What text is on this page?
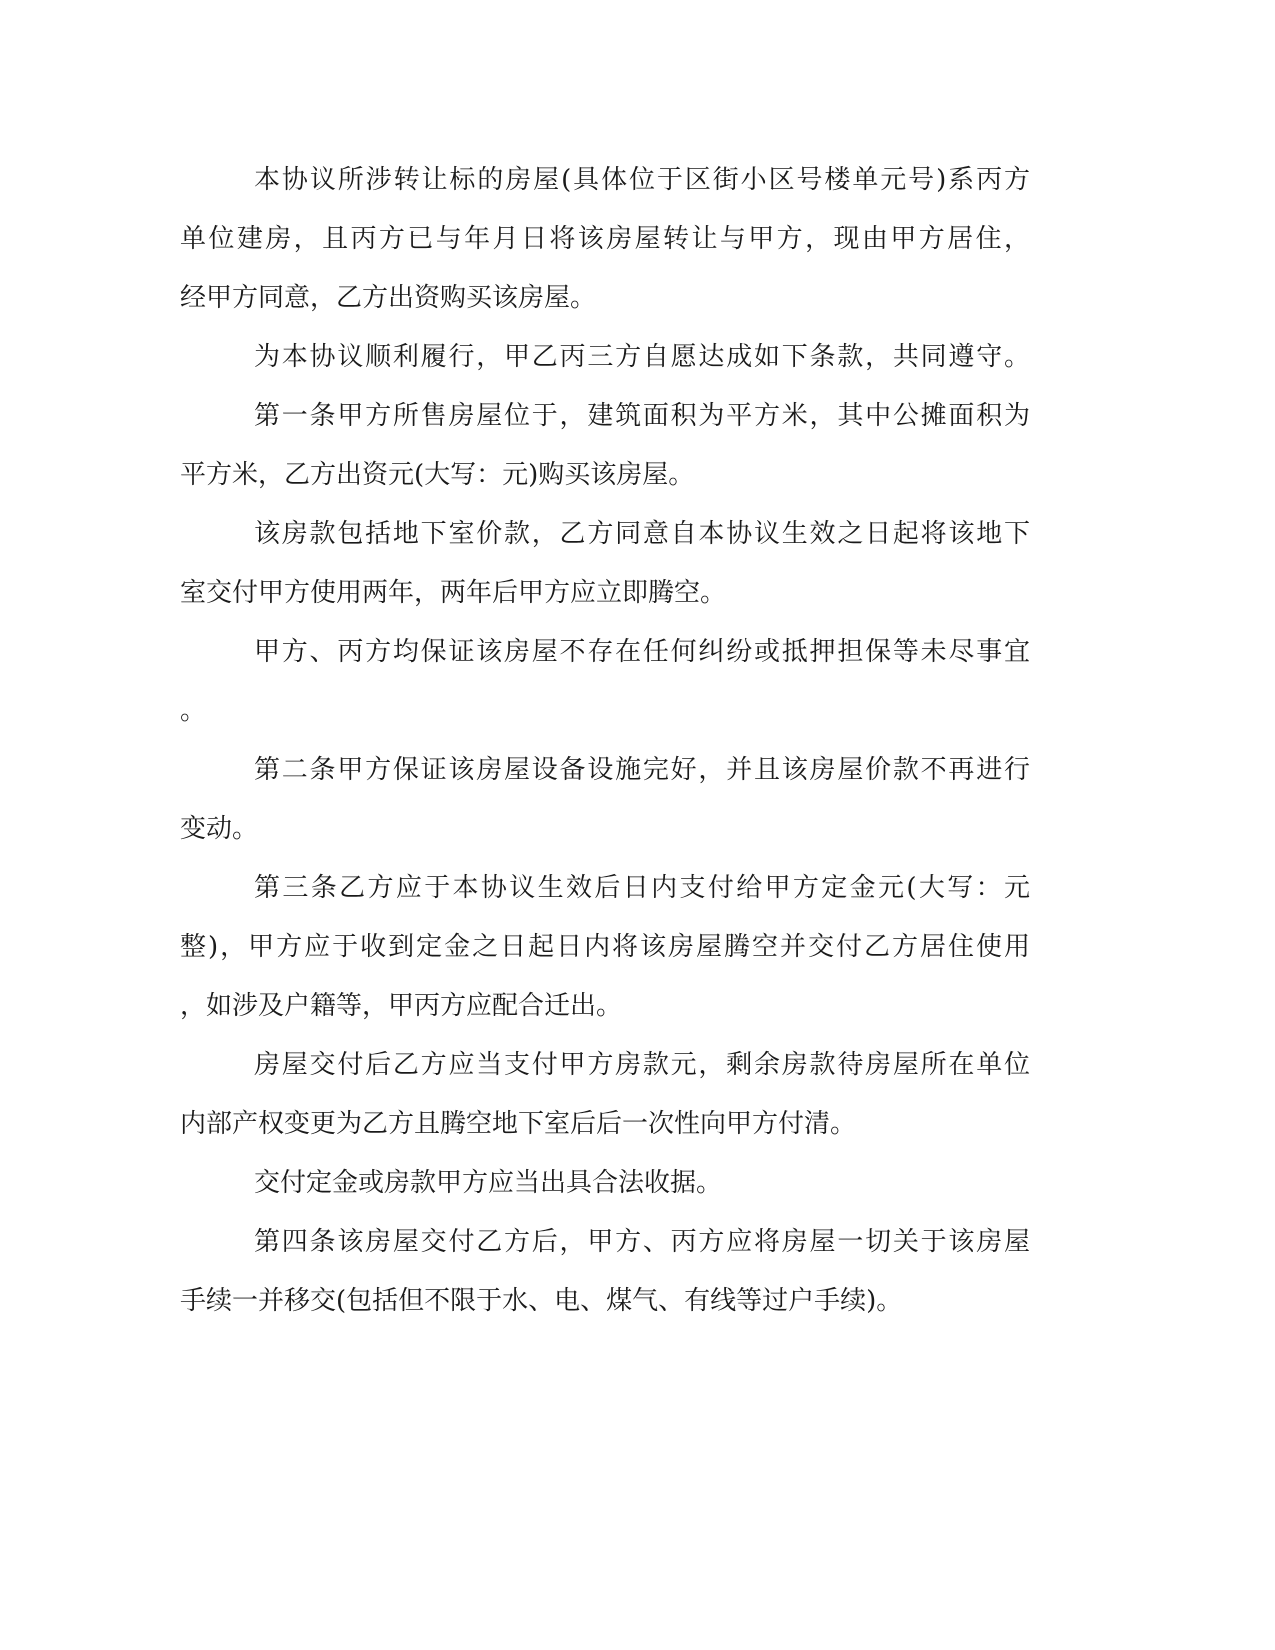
本协议所涉转让标的房屋(具体位于区街小区号楼单元号)系丙方
单位建房，且丙方已与年月日将该房屋转让与甲方，现由甲方居住，
经甲方同意，乙方出资购买该房屋。
为本协议顺利履行，甲乙丙三方自愿达成如下条款，共同遵守。
第一条甲方所售房屋位于，建筑面积为平方米，其中公摊面积为
平方米，乙方出资元(大写：元)购买该房屋。
该房款包括地下室价款，乙方同意自本协议生效之日起将该地下
室交付甲方使用两年，两年后甲方应立即腾空。
甲方、丙方均保证该房屋不存在任何纠纷或抵押担保等未尽事宜
。
第二条甲方保证该房屋设备设施完好，并且该房屋价款不再进行
变动。
第三条乙方应于本协议生效后日内支付给甲方定金元(大写：元
整)，甲方应于收到定金之日起日内将该房屋腾空并交付乙方居住使用
，如涉及户籍等，甲丙方应配合迁出。
房屋交付后乙方应当支付甲方房款元，剩余房款待房屋所在单位
内部产权变更为乙方且腾空地下室后后一次性向甲方付清。
交付定金或房款甲方应当出具合法收据。
第四条该房屋交付乙方后，甲方、丙方应将房屋一切关于该房屋
手续一并移交(包括但不限于水、电、煤气、有线等过户手续)。
